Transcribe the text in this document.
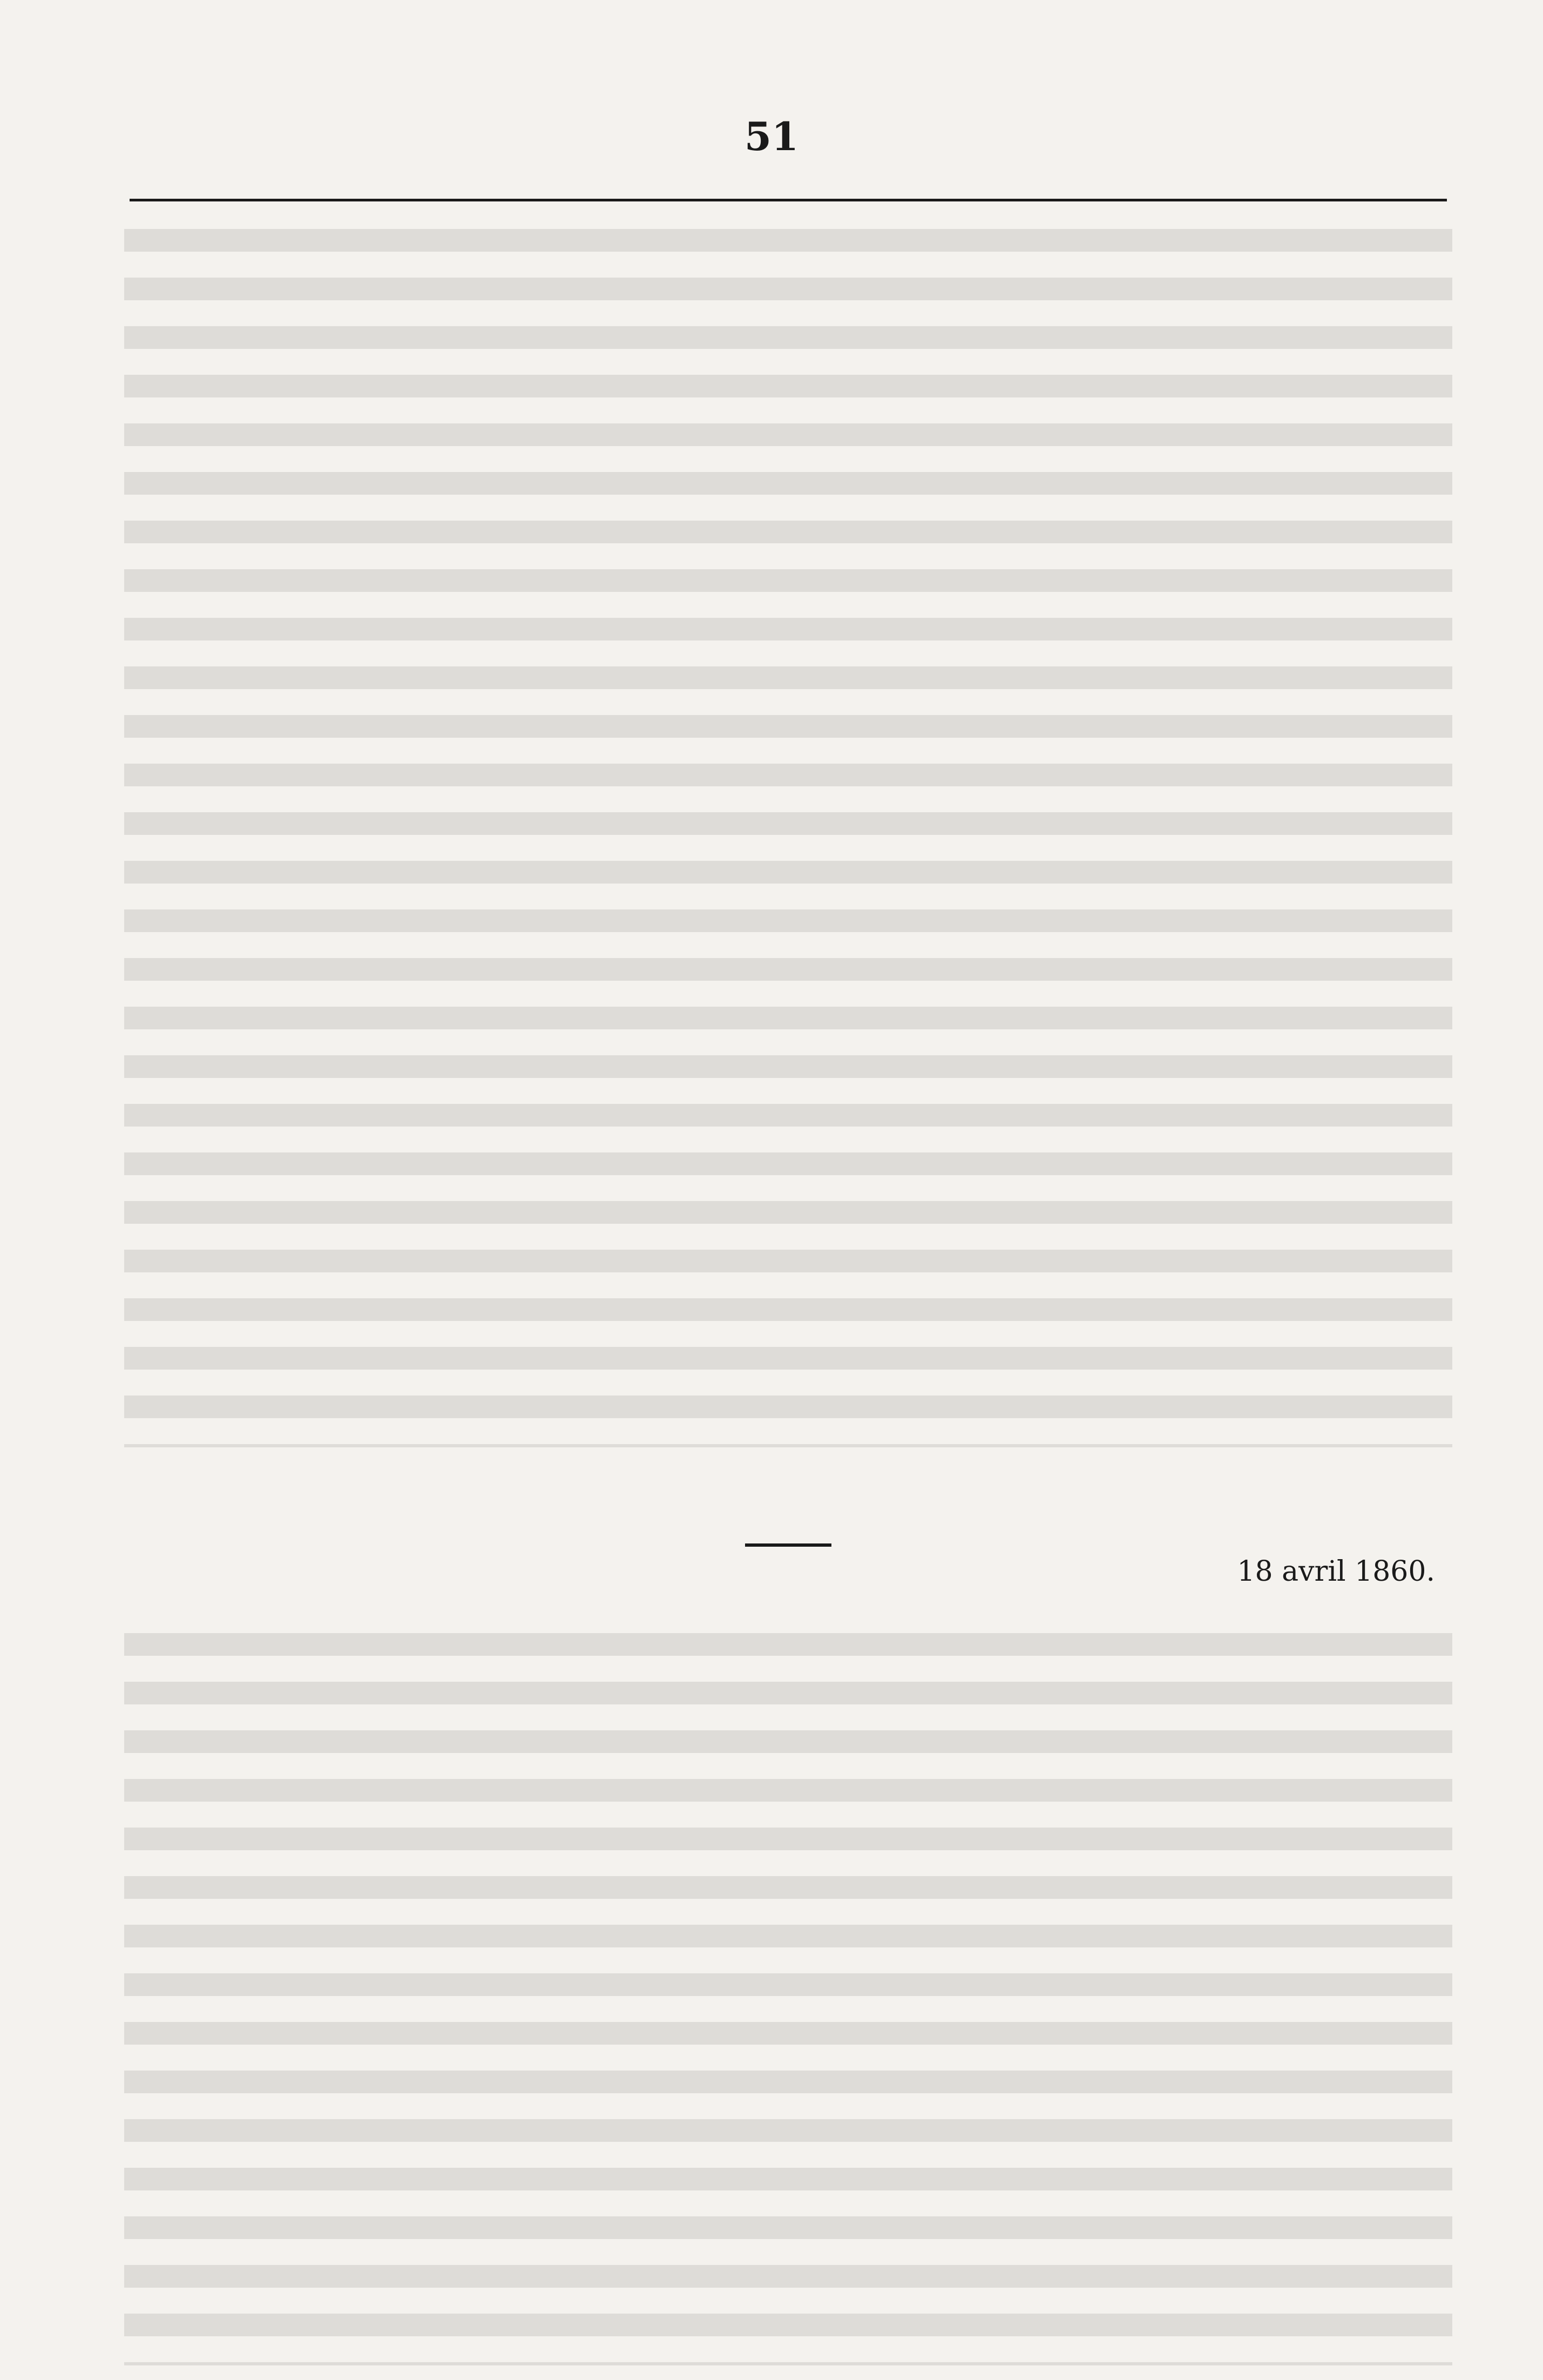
51
18 avril 1860.
